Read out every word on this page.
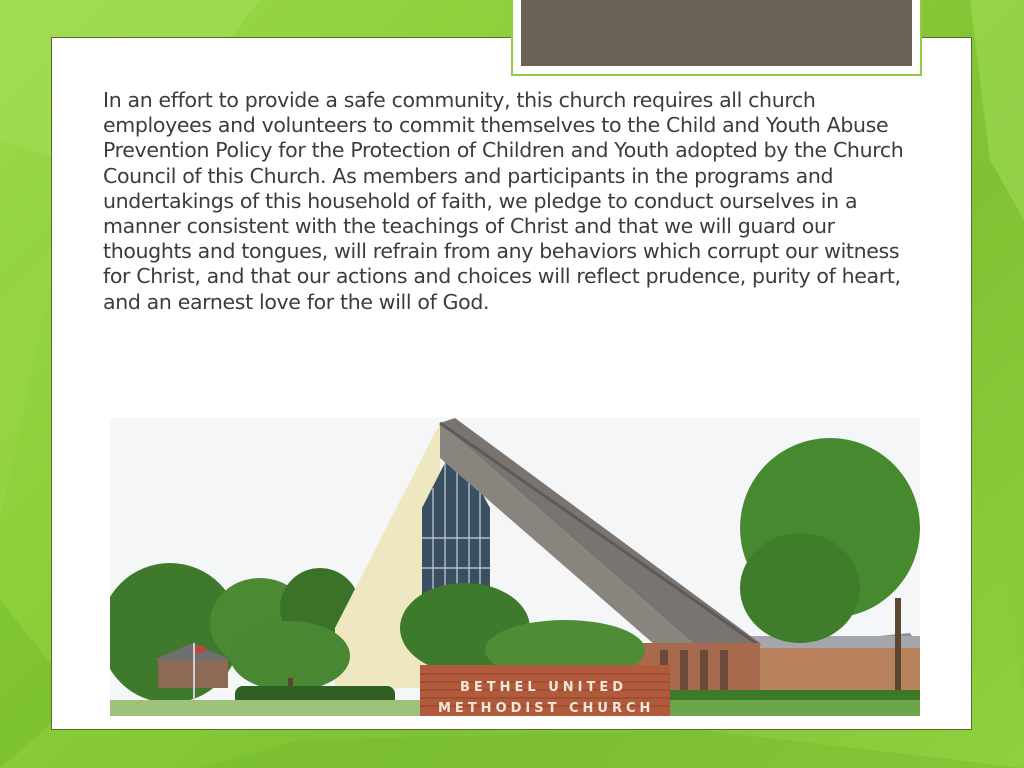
In an effort to provide a safe community, this church requires all church employees and volunteers to commit themselves to the Child and Youth Abuse Prevention Policy for the Protection of Children and Youth adopted by the Church Council of this Church. As members and participants in the programs and undertakings of this household of faith, we pledge to conduct ourselves in a manner consistent with the teachings of Christ and that we will guard our thoughts and tongues, will refrain from any behaviors which corrupt our witness for Christ, and that our actions and choices will reflect prudence, purity of heart, and an earnest love for the will of God.

BETHEL UNITED
METHODIST CHURCH
